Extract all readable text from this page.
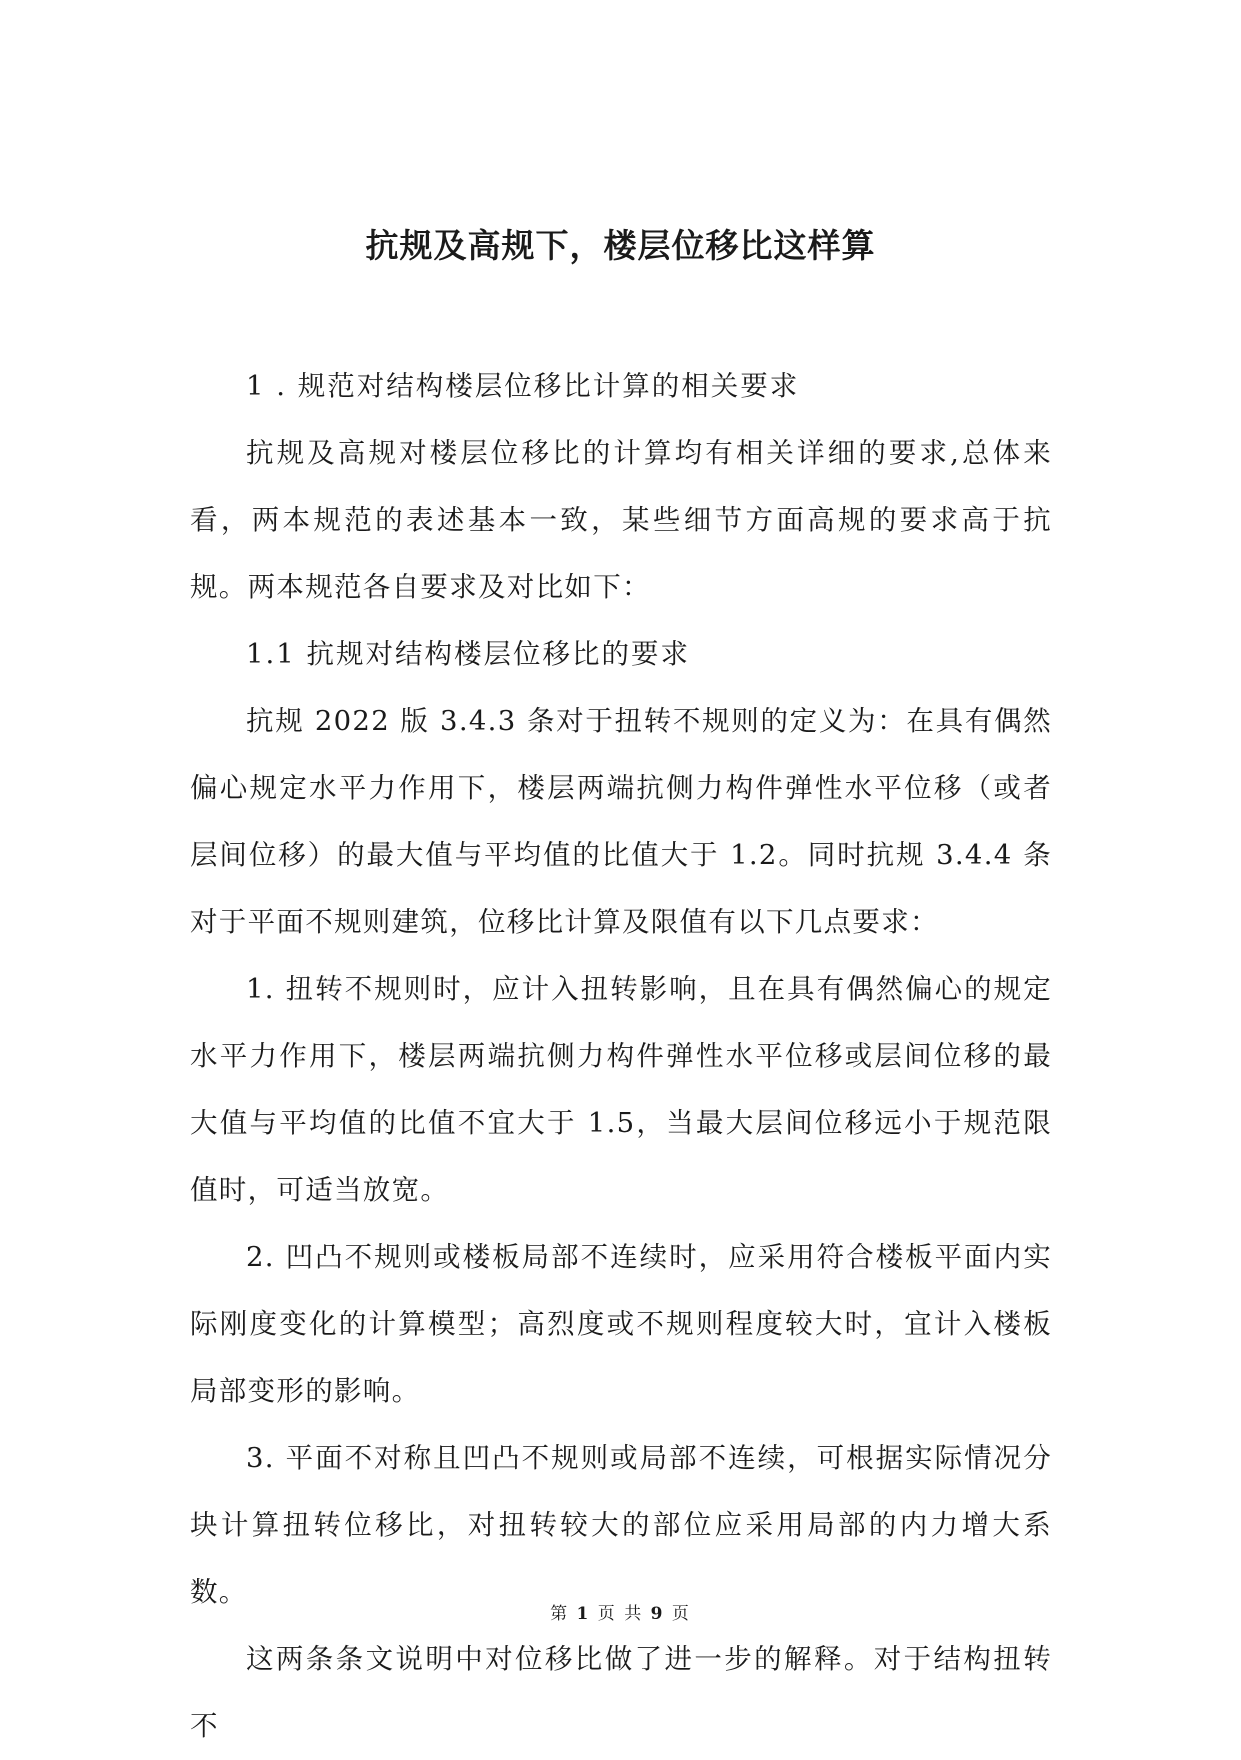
抗规及高规下，楼层位移比这样算

1 . 规范对结构楼层位移比计算的相关要求

抗规及高规对楼层位移比的计算均有相关详细的要求,总体来看，两本规范的表述基本一致，某些细节方面高规的要求高于抗规。两本规范各自要求及对比如下：

1.1 抗规对结构楼层位移比的要求

抗规 2022 版 3.4.3 条对于扭转不规则的定义为：在具有偶然偏心规定水平力作用下，楼层两端抗侧力构件弹性水平位移（或者层间位移）的最大值与平均值的比值大于 1.2。同时抗规 3.4.4 条对于平面不规则建筑，位移比计算及限值有以下几点要求：

1. 扭转不规则时，应计入扭转影响，且在具有偶然偏心的规定水平力作用下，楼层两端抗侧力构件弹性水平位移或层间位移的最大值与平均值的比值不宜大于 1.5，当最大层间位移远小于规范限值时，可适当放宽。

2. 凹凸不规则或楼板局部不连续时，应采用符合楼板平面内实际刚度变化的计算模型；高烈度或不规则程度较大时，宜计入楼板局部变形的影响。

3. 平面不对称且凹凸不规则或局部不连续，可根据实际情况分块计算扭转位移比，对扭转较大的部位应采用局部的内力增大系数。

这两条条文说明中对位移比做了进一步的解释。对于结构扭转不

第 1 页 共 9 页
